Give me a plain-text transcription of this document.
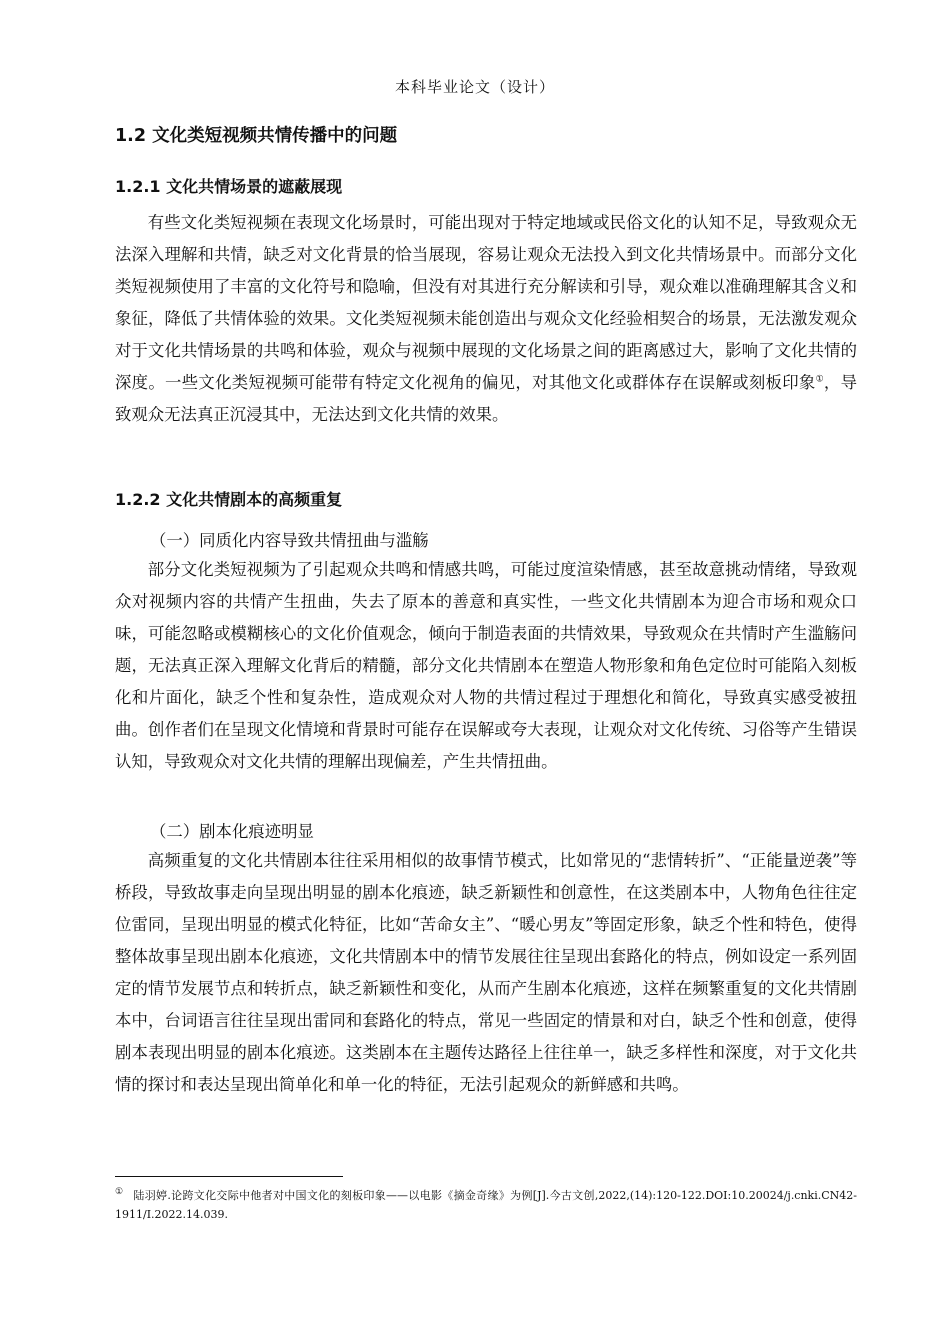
本科毕业论文（设计）
1.2 文化类短视频共情传播中的问题
1.2.1 文化共情场景的遮蔽展现

有些文化类短视频在表现文化场景时，可能出现对于特定地域或民俗文化的认知不足，导致观众无法深入理解和共情，缺乏对文化背景的恰当展现，容易让观众无法投入到文化共情场景中。而部分文化类短视频使用了丰富的文化符号和隐喻，但没有对其进行充分解读和引导，观众难以准确理解其含义和象征，降低了共情体验的效果。文化类短视频未能创造出与观众文化经验相契合的场景，无法激发观众对于文化共情场景的共鸣和体验，观众与视频中展现的文化场景之间的距离感过大，影响了文化共情的深度。一些文化类短视频可能带有特定文化视角的偏见，对其他文化或群体存在误解或刻板印象①，导致观众无法真正沉浸其中，无法达到文化共情的效果。

1.2.2 文化共情剧本的高频重复
（一）同质化内容导致共情扭曲与滥觞

部分文化类短视频为了引起观众共鸣和情感共鸣，可能过度渲染情感，甚至故意挑动情绪，导致观众对视频内容的共情产生扭曲，失去了原本的善意和真实性，一些文化共情剧本为迎合市场和观众口味，可能忽略或模糊核心的文化价值观念，倾向于制造表面的共情效果，导致观众在共情时产生滥觞问题，无法真正深入理解文化背后的精髓，部分文化共情剧本在塑造人物形象和角色定位时可能陷入刻板化和片面化，缺乏个性和复杂性，造成观众对人物的共情过程过于理想化和简化，导致真实感受被扭曲。创作者们在呈现文化情境和背景时可能存在误解或夸大表现，让观众对文化传统、习俗等产生错误认知，导致观众对文化共情的理解出现偏差，产生共情扭曲。

（二）剧本化痕迹明显

高频重复的文化共情剧本往往采用相似的故事情节模式，比如常见的“悲情转折”、“正能量逆袭”等桥段，导致故事走向呈现出明显的剧本化痕迹，缺乏新颖性和创意性，在这类剧本中，人物角色往往定位雷同，呈现出明显的模式化特征，比如“苦命女主”、“暖心男友”等固定形象，缺乏个性和特色，使得整体故事呈现出剧本化痕迹，文化共情剧本中的情节发展往往呈现出套路化的特点，例如设定一系列固定的情节发展节点和转折点，缺乏新颖性和变化，从而产生剧本化痕迹，这样在频繁重复的文化共情剧本中，台词语言往往呈现出雷同和套路化的特点，常见一些固定的情景和对白，缺乏个性和创意，使得剧本表现出明显的剧本化痕迹。这类剧本在主题传达路径上往往单一，缺乏多样性和深度，对于文化共情的探讨和表达呈现出简单化和单一化的特征，无法引起观众的新鲜感和共鸣。

① 陆羽婷.论跨文化交际中他者对中国文化的刻板印象——以电影《摘金奇缘》为例[J].今古文创,2022,(14):120-122.DOI:10.20024/j.cnki.CN42-1911/I.2022.14.039.
